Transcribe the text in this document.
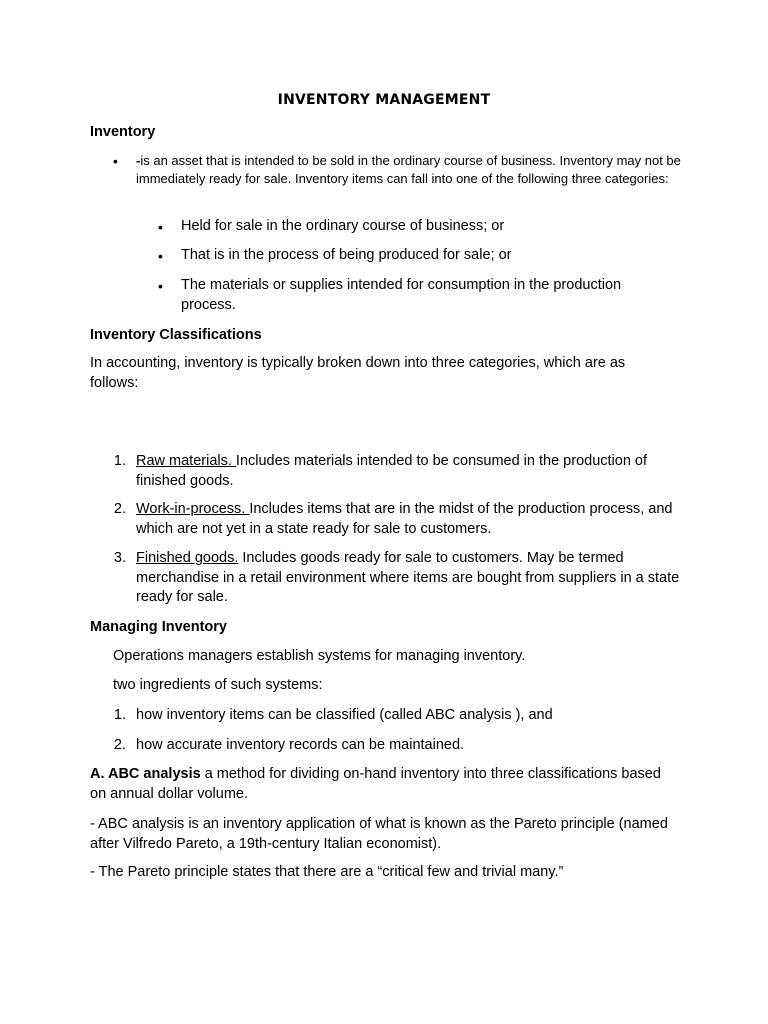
INVENTORY MANAGEMENT

Inventory

• -is an asset that is intended to be sold in the ordinary course of business. Inventory may not be immediately ready for sale. Inventory items can fall into one of the following three categories:

• Held for sale in the ordinary course of business; or

• That is in the process of being produced for sale; or

• The materials or supplies intended for consumption in the production process.

Inventory Classifications

In accounting, inventory is typically broken down into three categories, which are as follows:

1. Raw materials. Includes materials intended to be consumed in the production of finished goods.

2. Work-in-process. Includes items that are in the midst of the production process, and which are not yet in a state ready for sale to customers.

3. Finished goods. Includes goods ready for sale to customers. May be termed merchandise in a retail environment where items are bought from suppliers in a state ready for sale.

Managing Inventory

Operations managers establish systems for managing inventory.

two ingredients of such systems:

1. how inventory items can be classified (called ABC analysis ), and

2. how accurate inventory records can be maintained.

A. ABC analysis a method for dividing on-hand inventory into three classifications based on annual dollar volume.

- ABC analysis is an inventory application of what is known as the Pareto principle (named after Vilfredo Pareto, a 19th-century Italian economist).

- The Pareto principle states that there are a “critical few and trivial many.”
